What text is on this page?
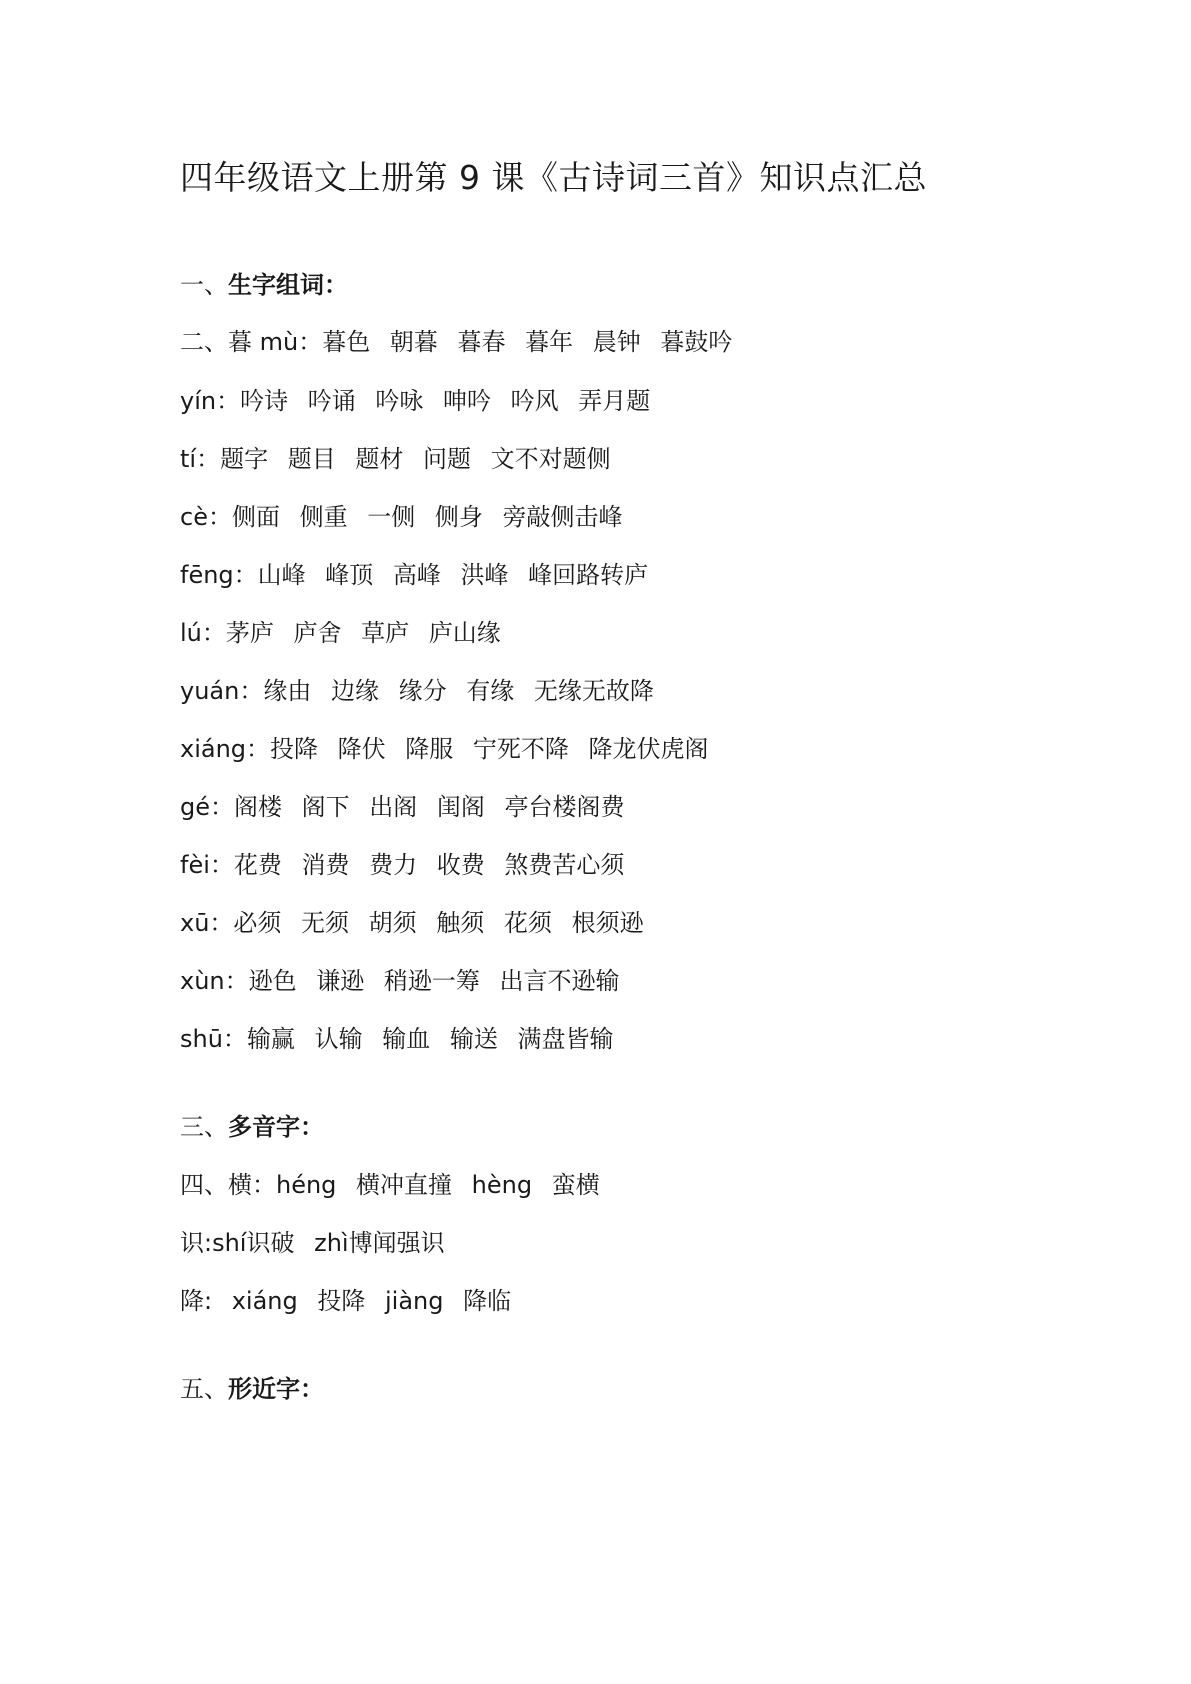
四年级语文上册第 9 课《古诗词三首》知识点汇总
一、生字组词：
二、暮 mù：暮色 朝暮 暮春 暮年 晨钟 暮鼓吟
yín：吟诗 吟诵 吟咏 呻吟 吟风 弄月题
tí：题字 题目 题材 问题 文不对题侧
cè：侧面 侧重 一侧 侧身 旁敲侧击峰
fēng：山峰 峰顶 高峰 洪峰 峰回路转庐
lú：茅庐 庐舍 草庐 庐山缘
yuán：缘由 边缘 缘分 有缘 无缘无故降
xiáng：投降 降伏 降服 宁死不降 降龙伏虎阁
gé：阁楼 阁下 出阁 闺阁 亭台楼阁费
fèi：花费 消费 费力 收费 煞费苦心须
xū：必须 无须 胡须 触须 花须 根须逊
xùn：逊色 谦逊 稍逊一筹 出言不逊输
shū：输赢 认输 输血 输送 满盘皆输
三、多音字：
四、横：héng 横冲直撞 hèng 蛮横
识:shí识破 zhì博闻强识
降: xiáng 投降 jiàng 降临
五、形近字：
